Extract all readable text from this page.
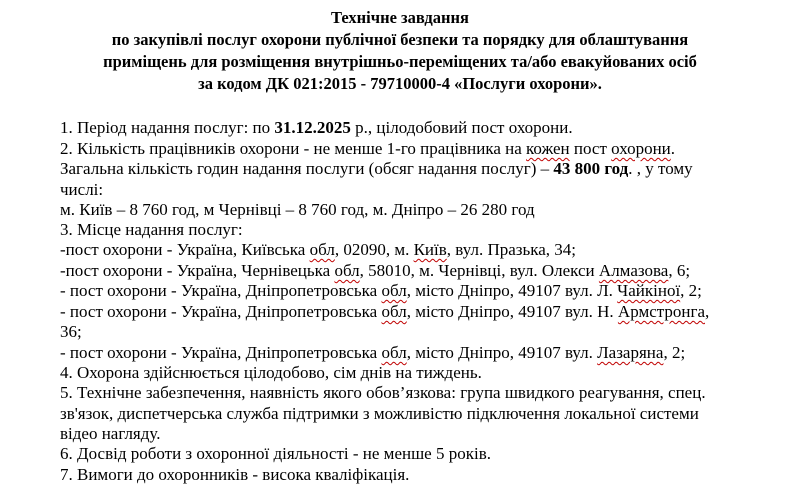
Технічне завдання
по закупівлі послуг охорони публічної безпеки та порядку для облаштування
приміщень для розміщення внутрішньо-переміщених та/або евакуйованих осіб
за кодом ДК 021:2015 - 79710000-4 «Послуги охорони».
1. Період надання послуг: по 31.12.2025 р., цілодобовий пост охорони.
2. Кількість працівників охорони - не менше 1-го працівника на кожен пост охорони.
Загальна кількість годин надання послуги (обсяг надання послуг) – 43 800 год. , у тому
числі:
м. Київ – 8 760 год, м Чернівці – 8 760 год, м. Дніпро – 26 280 год
3. Місце надання послуг:
-пост охорони - Україна, Київська обл, 02090, м. Київ, вул. Празька, 34;
-пост охорони - Україна, Чернівецька обл, 58010, м. Чернівці, вул. Олекси Алмазова, 6;
- пост охорони - Україна, Дніпропетровська обл, місто Дніпро, 49107 вул. Л. Чайкіної, 2;
- пост охорони - Україна, Дніпропетровська обл, місто Дніпро, 49107 вул. Н. Армстронга,
36;
- пост охорони - Україна, Дніпропетровська обл, місто Дніпро, 49107 вул. Лазаряна, 2;
4. Охорона здійснюється цілодобово, сім днів на тиждень.
5. Технічне забезпечення, наявність якого обов’язкова: група швидкого реагування, спец.
зв'язок, диспетчерська служба підтримки з можливістю підключення локальної системи
відео нагляду.
6. Досвід роботи з охоронної діяльності - не менше 5 років.
7. Вимоги до охоронників - висока кваліфікація.
